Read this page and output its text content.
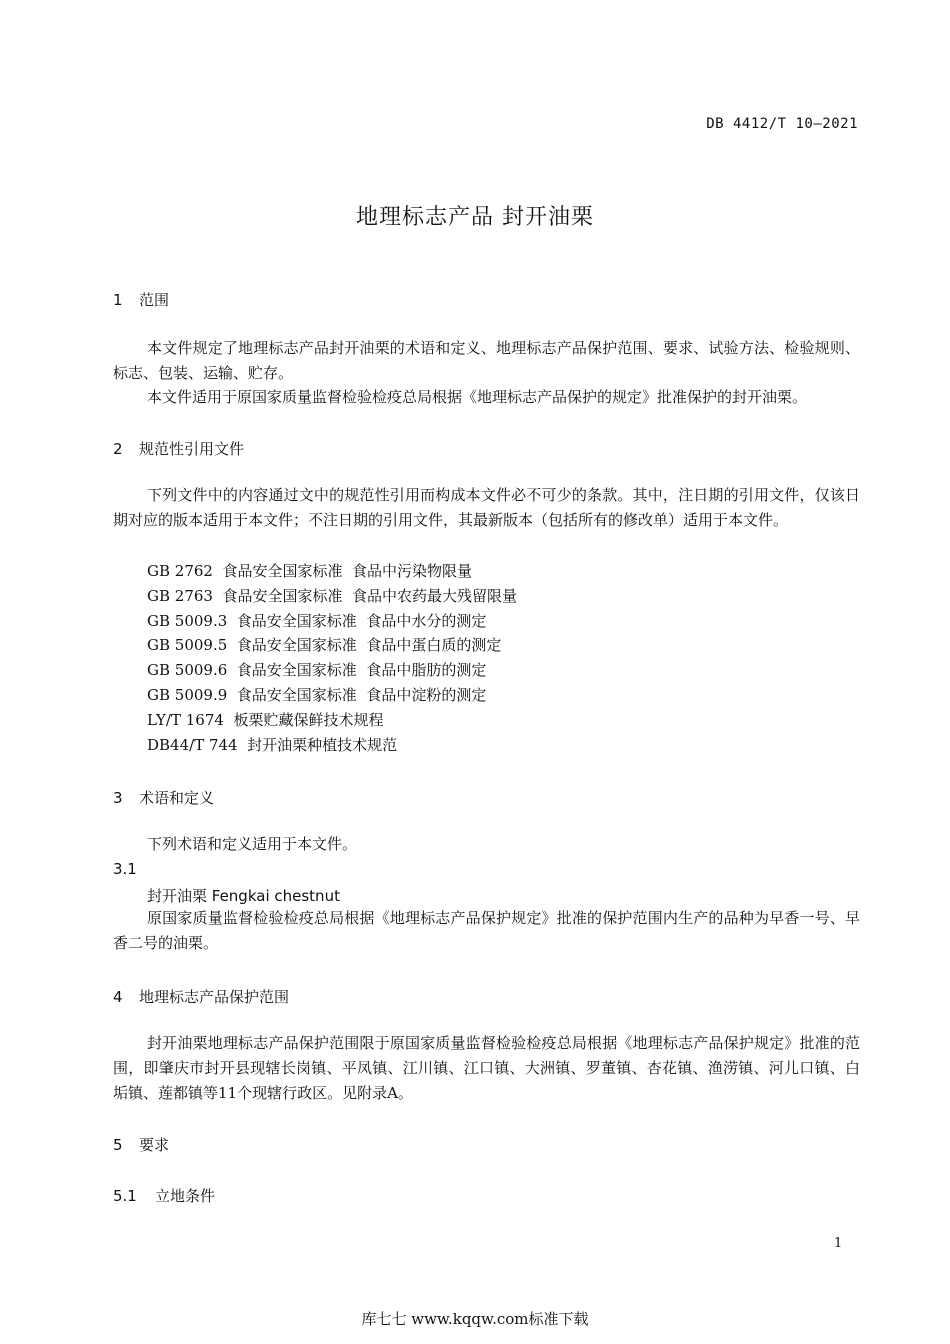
DB 4412/T 10—2021
地理标志产品 封开油栗
1 范围
本文件规定了地理标志产品封开油栗的术语和定义、地理标志产品保护范围、要求、试验方法、检验规则、标志、包装、运输、贮存。
本文件适用于原国家质量监督检验检疫总局根据《地理标志产品保护的规定》批准保护的封开油栗。
2 规范性引用文件
下列文件中的内容通过文中的规范性引用而构成本文件必不可少的条款。其中，注日期的引用文件，仅该日期对应的版本适用于本文件；不注日期的引用文件，其最新版本（包括所有的修改单）适用于本文件。
GB 2762  食品安全国家标准  食品中污染物限量
GB 2763  食品安全国家标准  食品中农药最大残留限量
GB 5009.3  食品安全国家标准  食品中水分的测定
GB 5009.5  食品安全国家标准  食品中蛋白质的测定
GB 5009.6  食品安全国家标准  食品中脂肪的测定
GB 5009.9  食品安全国家标准  食品中淀粉的测定
LY/T 1674  板栗贮藏保鲜技术规程
DB44/T 744  封开油栗种植技术规范
3 术语和定义
下列术语和定义适用于本文件。
3.1
封开油栗 Fengkai chestnut
原国家质量监督检验检疫总局根据《地理标志产品保护规定》批准的保护范围内生产的品种为早香一号、早香二号的油栗。
4 地理标志产品保护范围
封开油栗地理标志产品保护范围限于原国家质量监督检验检疫总局根据《地理标志产品保护规定》批准的范围，即肇庆市封开县现辖长岗镇、平凤镇、江川镇、江口镇、大洲镇、罗董镇、杏花镇、渔涝镇、河儿口镇、白垢镇、莲都镇等11个现辖行政区。见附录A。
5 要求
5.1 立地条件
1
库七七 www.kqqw.com标准下载
